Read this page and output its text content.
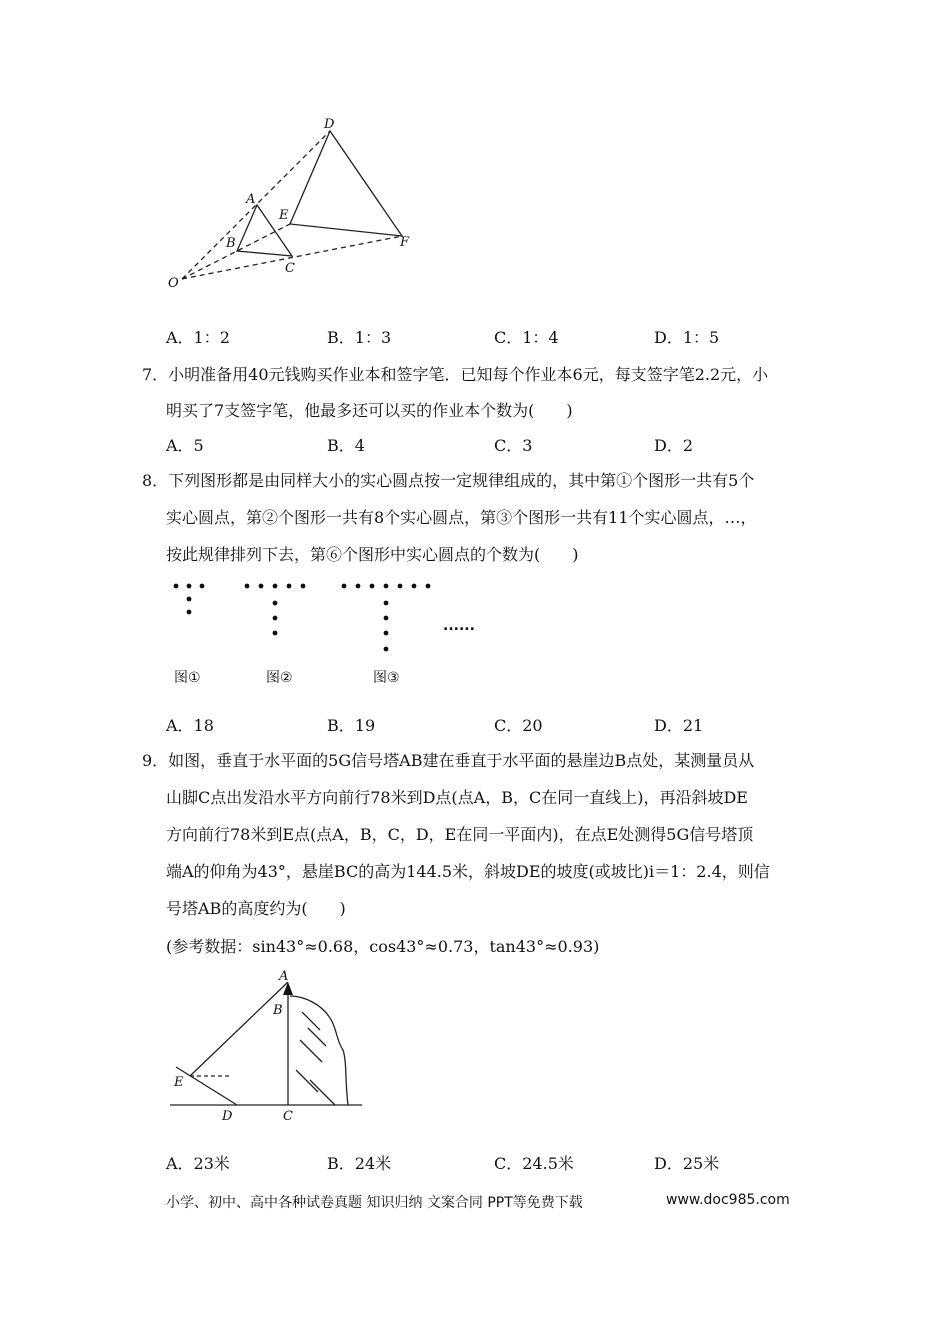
D
A
E
B
C
F
O
A．1：2	B．1：3	C．1：4	D．1：5
7．小明准备用40元钱购买作业本和签字笔．已知每个作业本6元，每支签字笔2.2元，小
明买了7支签字笔，他最多还可以买的作业本个数为(　　)
A．5	B．4	C．3	D．2
8．下列图形都是由同样大小的实心圆点按一定规律组成的，其中第①个图形一共有5个
实心圆点，第②个图形一共有8个实心圆点，第③个图形一共有11个实心圆点，…，
按此规律排列下去，第⑥个图形中实心圆点的个数为(　　)
......
图①	图②	图③
A．18	B．19	C．20	D．21
9．如图，垂直于水平面的5G信号塔AB建在垂直于水平面的悬崖边B点处，某测量员从
山脚C点出发沿水平方向前行78米到D点(点A，B，C在同一直线上)，再沿斜坡DE
方向前行78米到E点(点A，B，C，D，E在同一平面内)，在点E处测得5G信号塔顶
端A的仰角为43°，悬崖BC的高为144.5米，斜坡DE的坡度(或坡比)i＝1：2.4，则信
号塔AB的高度约为(　　)
(参考数据：sin43°≈0.68，cos43°≈0.73，tan43°≈0.93)
A
B
E
D	C
A．23米	B．24米	C．24.5米	D．25米
小学、初中、高中各种试卷真题 知识归纳 文案合同 PPT等免费下载	www.doc985.com
